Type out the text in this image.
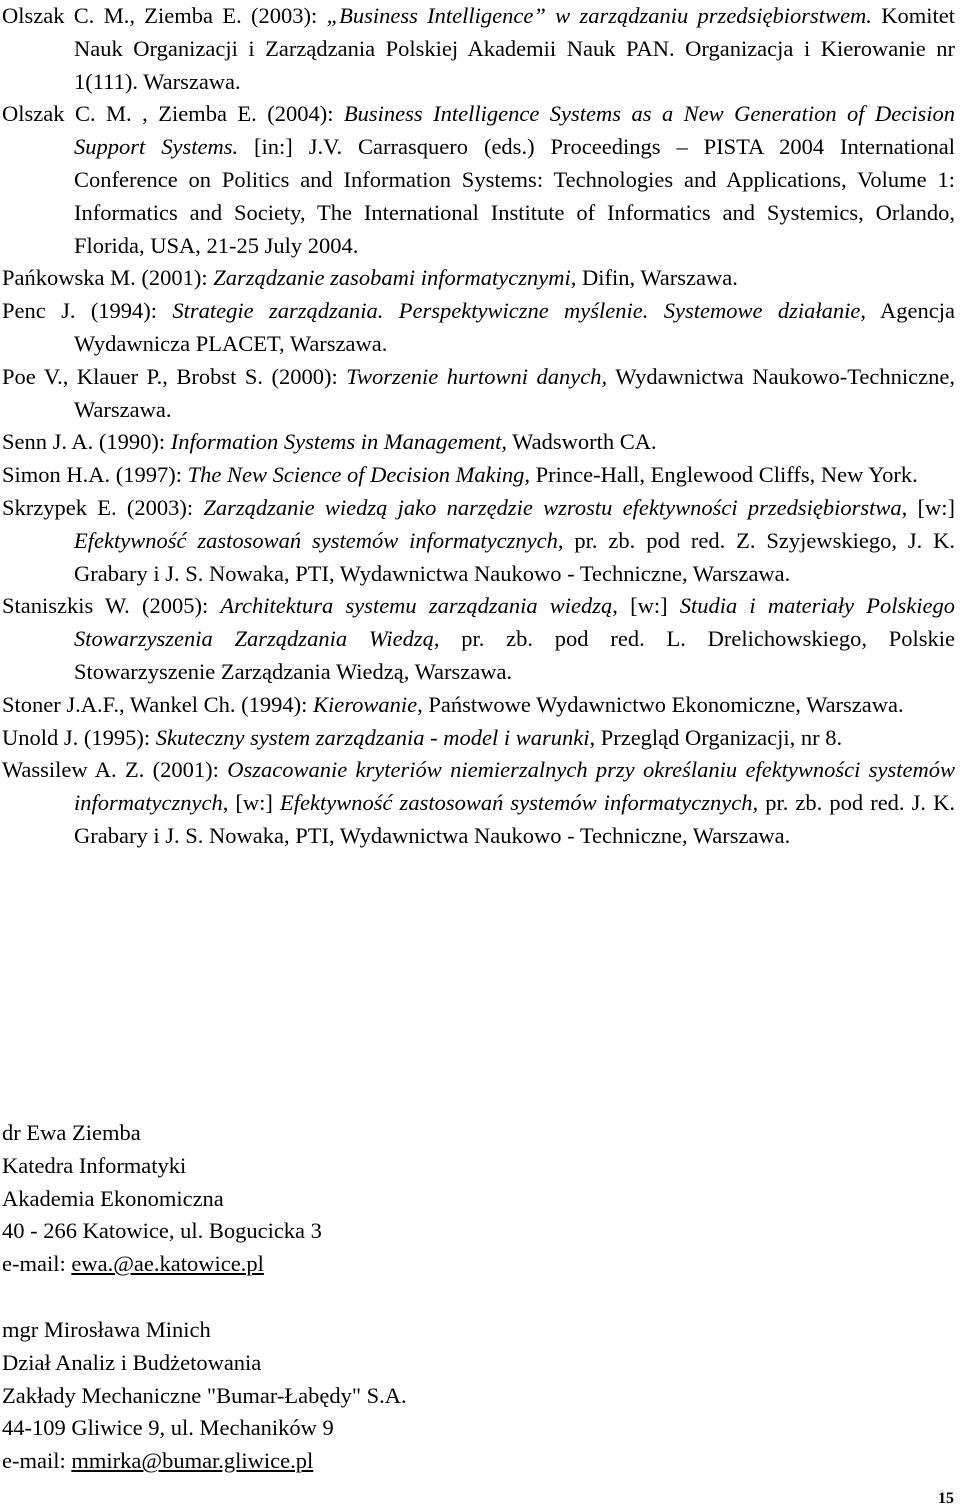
Olszak C. M., Ziemba E. (2003): „Business Intelligence” w zarządzaniu przedsiębiorstwem. Komitet Nauk Organizacji i Zarządzania Polskiej Akademii Nauk PAN. Organizacja i Kierowanie nr 1(111). Warszawa.
Olszak C. M. , Ziemba E. (2004): Business Intelligence Systems as a New Generation of Decision Support Systems. [in:] J.V. Carrasquero (eds.) Proceedings – PISTA 2004 International Conference on Politics and Information Systems: Technologies and Applications, Volume 1: Informatics and Society, The International Institute of Informatics and Systemics, Orlando, Florida, USA, 21-25 July 2004.
Pańkowska M. (2001): Zarządzanie zasobami informatycznymi, Difin, Warszawa.
Penc J. (1994): Strategie zarządzania. Perspektywiczne myślenie. Systemowe działanie, Agencja Wydawnicza PLACET, Warszawa.
Poe V., Klauer P., Brobst S. (2000): Tworzenie hurtowni danych, Wydawnictwa Naukowo-Techniczne, Warszawa.
Senn J. A. (1990): Information Systems in Management, Wadsworth CA.
Simon H.A. (1997): The New Science of Decision Making, Prince-Hall, Englewood Cliffs, New York.
Skrzypek E. (2003): Zarządzanie wiedzą jako narzędzie wzrostu efektywności przedsiębiorstwa, [w:] Efektywność zastosowań systemów informatycznych, pr. zb. pod red. Z. Szyjewskiego, J. K. Grabary i J. S. Nowaka, PTI, Wydawnictwa Naukowo - Techniczne, Warszawa.
Staniszkis W. (2005): Architektura systemu zarządzania wiedzą, [w:] Studia i materiały Polskiego Stowarzyszenia Zarządzania Wiedzą, pr. zb. pod red. L. Drelichowskiego, Polskie Stowarzyszenie Zarządzania Wiedzą, Warszawa.
Stoner J.A.F., Wankel Ch. (1994): Kierowanie, Państwowe Wydawnictwo Ekonomiczne, Warszawa.
Unold J. (1995): Skuteczny system zarządzania - model i warunki, Przegląd Organizacji, nr 8.
Wassilew A. Z. (2001): Oszacowanie kryteriów niemierzalnych przy określaniu efektywności systemów informatycznych, [w:] Efektywność zastosowań systemów informatycznych, pr. zb. pod red. J. K. Grabary i J. S. Nowaka, PTI, Wydawnictwa Naukowo - Techniczne, Warszawa.
dr Ewa Ziemba
Katedra Informatyki
Akademia Ekonomiczna
40 - 266 Katowice, ul. Bogucicka 3
e-mail: ewa.@ae.katowice.pl
mgr Mirosława Minich
Dział Analiz i Budżetowania
Zakłady Mechaniczne "Bumar-Łabędy" S.A.
44-109 Gliwice 9, ul. Mechaników 9
e-mail: mmirka@bumar.gliwice.pl
15
